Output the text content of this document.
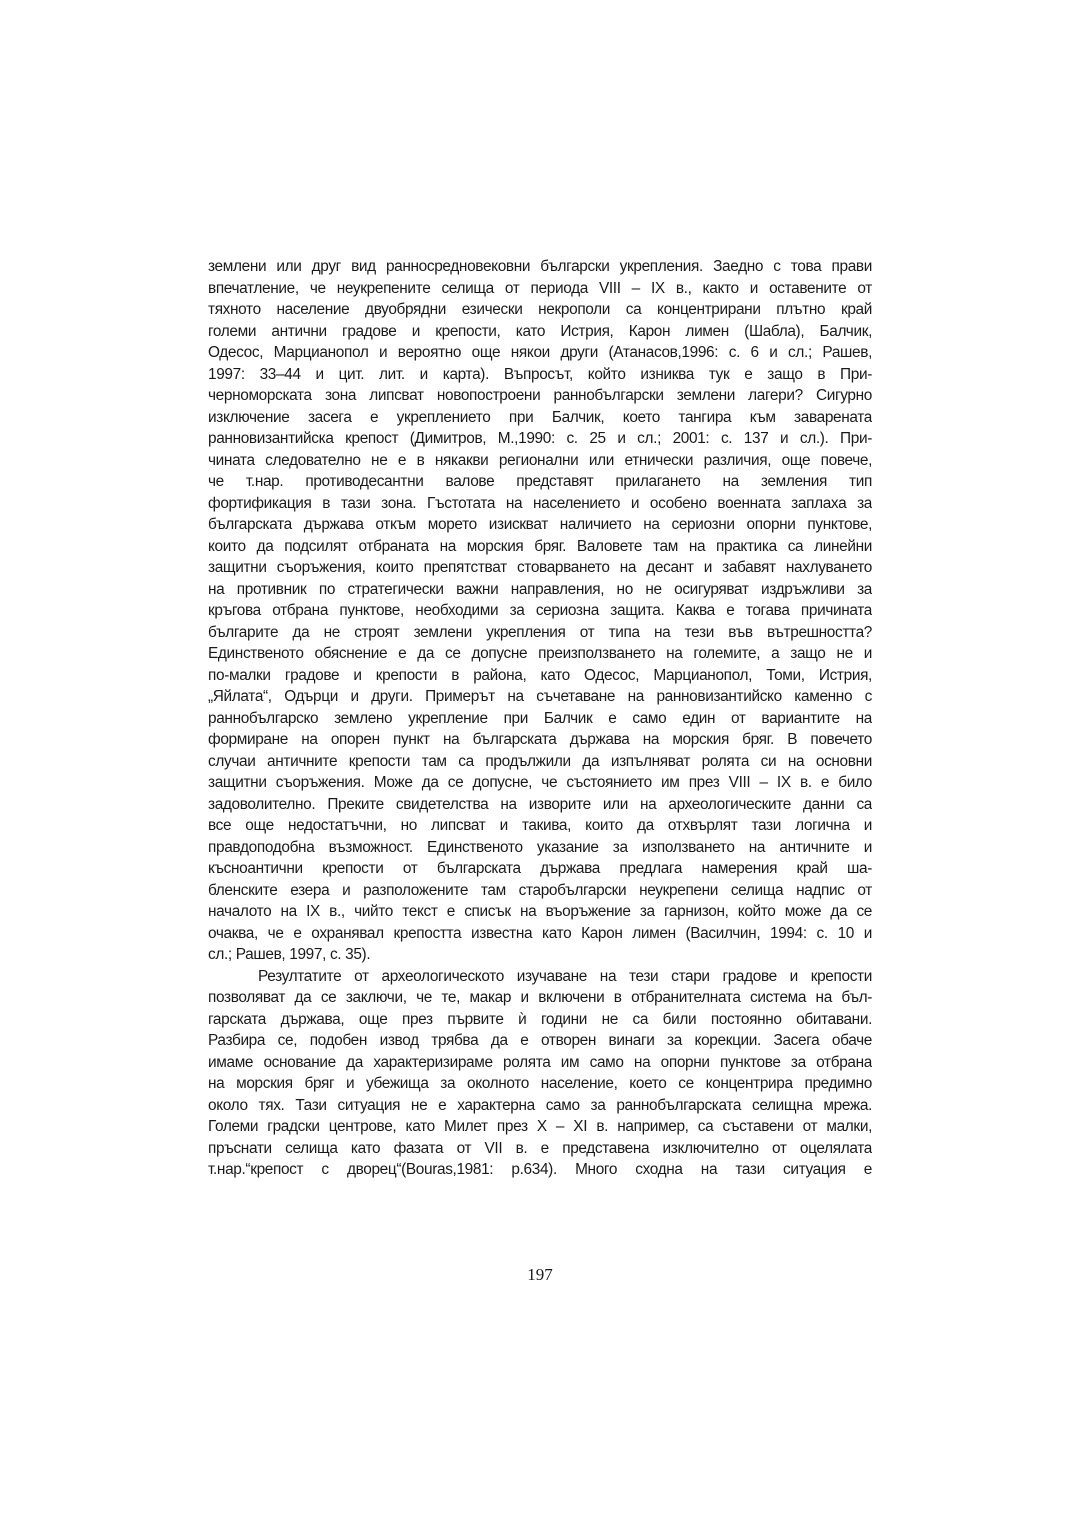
землени или друг вид ранносредновековни български укрепления. Заедно с това прави
впечатление, че неукрепените селища от периода VIII – IX в., както и оставените от
тяхното население двуобрядни езически некрополи са концентрирани плътно край
големи антични градове и крепости, като Истрия, Карон лимен (Шабла), Балчик,
Одесос, Марцианопол и вероятно още някои други (Атанасов,1996: с. 6 и сл.; Рашев,
1997: 33–44 и цит. лит. и карта). Въпросът, който изниква тук е защо в При-
черноморската зона липсват новопостроени раннобългарски землени лагери? Сигурно
изключение засега е укреплението при Балчик, което тангира към заварената
ранновизантийска крепост (Димитров, М.,1990: с. 25 и сл.; 2001: с. 137 и сл.). При-
чината следователно не е в някакви регионални или етнически различия, още повече,
че т.нар. противодесантни валове представят прилагането на земления тип
фортификация в тази зона. Гъстотата на населението и особено военната заплаха за
българската държава откъм морето изискват наличието на сериозни опорни пунктове,
които да подсилят отбраната на морския бряг. Валовете там на практика са линейни
защитни съоръжения, които препятстват стоварването на десант и забавят нахлуването
на противник по стратегически важни направления, но не осигуряват издръжливи за
кръгова отбрана пунктове, необходими за сериозна защита. Каква е тогава причината
българите да не строят землени укрепления от типа на тези във вътрешността?
Единственото обяснение е да се допусне преизползването на големите, а защо не и
по-малки градове и крепости в района, като Одесос, Марцианопол, Томи, Истрия,
„Яйлата“, Одърци и други. Примерът на съчетаване на ранновизантийско каменно с
раннобългарско землено укрепление при Балчик е само един от вариантите на
формиране на опорен пункт на българската държава на морския бряг. В повечето
случаи античните крепости там са продължили да изпълняват ролята си на основни
защитни съоръжения. Може да се допусне, че състоянието им през VIII – IX в. е било
задоволително. Преките свидетелства на изворите или на археологическите данни са
все още недостатъчни, но липсват и такива, които да отхвърлят тази логична и
правдоподобна възможност. Единственото указание за използването на античните и
късноантични крепости от българската държава предлага намерения край ша-
бленските езера и разположените там старобългарски неукрепени селища надпис от
началото на IX в., чийто текст е списък на въоръжение за гарнизон, който може да се
очаква, че е охранявал крепостта известна като Карон лимен (Василчин, 1994: с. 10 и
сл.; Рашев, 1997, с. 35).

Резултатите от археологическото изучаване на тези стари градове и крепости
позволяват да се заключи, че те, макар и включени в отбранителната система на бъл-
гарската държава, още през първите ѝ години не са били постоянно обитавани.
Разбира се, подобен извод трябва да е отворен винаги за корекции. Засега обаче
имаме основание да характеризираме ролята им само на опорни пунктове за отбрана
на морския бряг и убежища за околното население, което се концентрира предимно
около тях. Тази ситуация не е характерна само за раннобългарската селищна мрежа.
Големи градски центрове, като Милет през X – XI в. например, са съставени от малки,
пръснати селища като фазата от VII в. е представена изключително от оцелялата
т.нар.“крепост с дворец“(Bouras,1981: p.634). Много сходна на тази ситуация е

197
